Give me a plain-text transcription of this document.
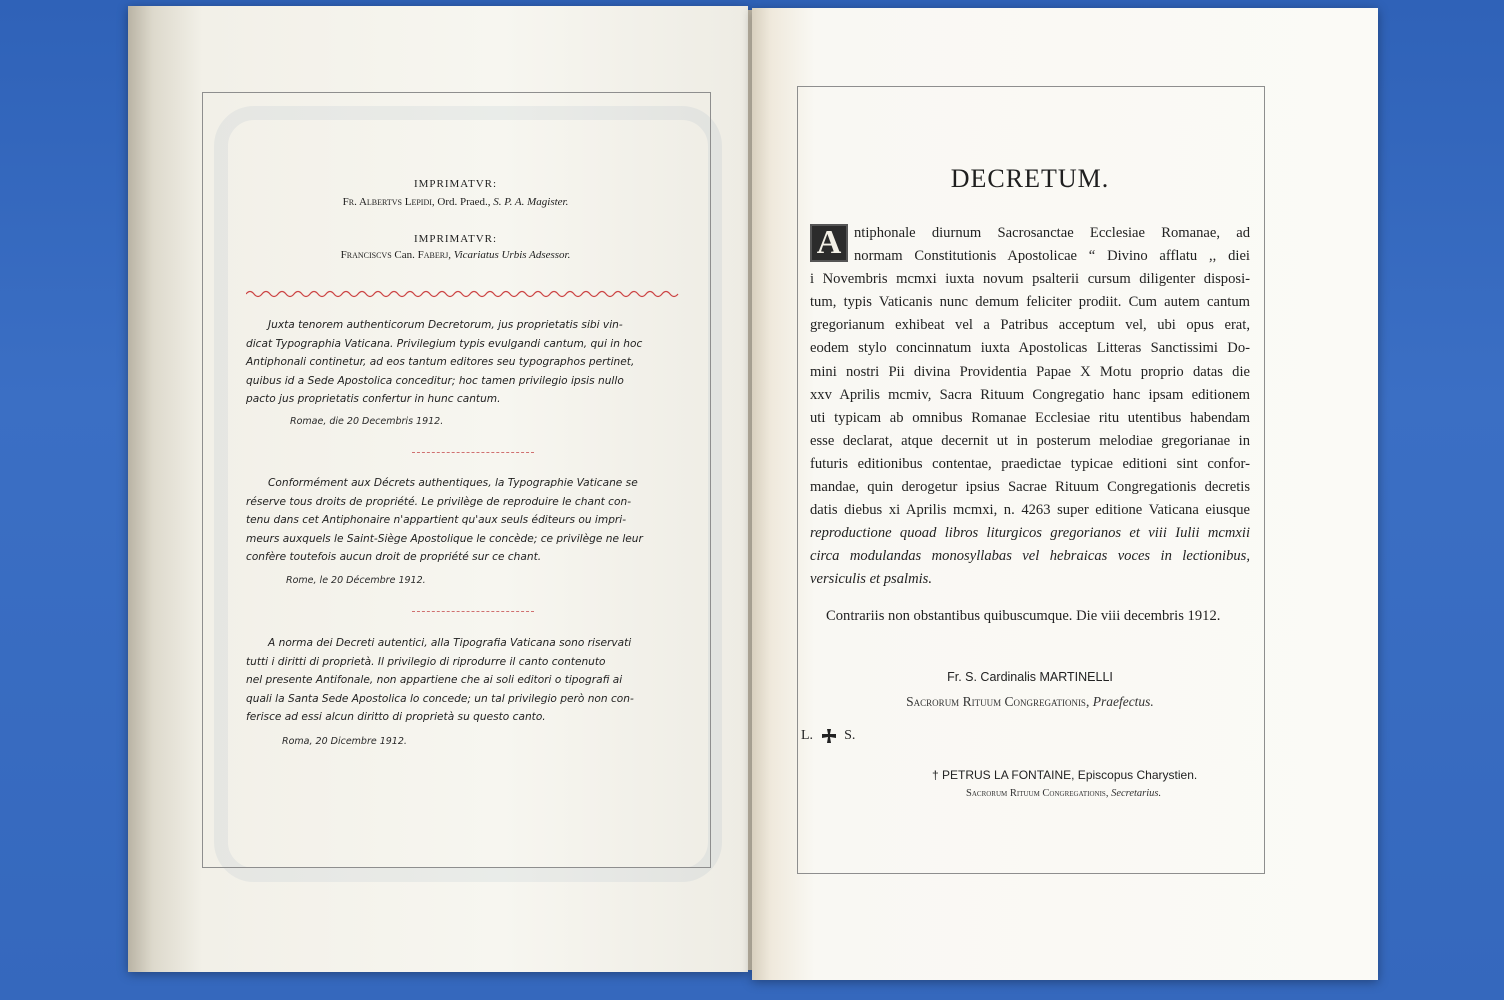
IMPRIMATVR:
Fr. Albertvs Lepidi, Ord. Praed., S. P. A. Magister.
IMPRIMATVR:
Franciscvs Can. Faberj, Vicariatus Urbis Adsessor.
Juxta tenorem authenticorum Decretorum, jus proprietatis sibi vin-
dicat Typographia Vaticana. Privilegium typis evulgandi cantum, qui in hoc
Antiphonali continetur, ad eos tantum editores seu typographos pertinet,
quibus id a Sede Apostolica conceditur; hoc tamen privilegio ipsis nullo
pacto jus proprietatis confertur in hunc cantum.
Romae, die 20 Decembris 1912.
Conformément aux Décrets authentiques, la Typographie Vaticane se
réserve tous droits de propriété. Le privilège de reproduire le chant con-
tenu dans cet Antiphonaire n'appartient qu'aux seuls éditeurs ou impri-
meurs auxquels le Saint-Siège Apostolique le concède; ce privilège ne leur
confère toutefois aucun droit de propriété sur ce chant.
Rome, le 20 Décembre 1912.
A norma dei Decreti autentici, alla Tipografia Vaticana sono riservati
tutti i diritti di proprietà. Il privilegio di riprodurre il canto contenuto
nel presente Antifonale, non appartiene che ai soli editori o tipografi ai
quali la Santa Sede Apostolica lo concede; un tal privilegio però non con-
ferisce ad essi alcun diritto di proprietà su questo canto.
Roma, 20 Dicembre 1912.
DECRETUM.
A ntiphonale diurnum Sacrosanctae Ecclesiae Romanae, ad
normam Constitutionis Apostolicae “ Divino afflatu ,, diei
i Novembris mcmxi iuxta novum psalterii cursum diligenter disposi-
tum, typis Vaticanis nunc demum feliciter prodiit. Cum autem cantum
gregorianum exhibeat vel a Patribus acceptum vel, ubi opus erat,
eodem stylo concinnatum iuxta Apostolicas Litteras Sanctissimi Do-
mini nostri Pii divina Providentia Papae X Motu proprio datas die
xxv Aprilis mcmiv, Sacra Rituum Congregatio hanc ipsam editionem
uti typicam ab omnibus Romanae Ecclesiae ritu utentibus habendam
esse declarat, atque decernit ut in posterum melodiae gregorianae in
futuris editionibus contentae, praedictae typicae editioni sint confor-
mandae, quin derogetur ipsius Sacrae Rituum Congregationis decretis
datis diebus xi Aprilis mcmxi, n. 4263 super editione Vaticana eiusque
reproductione quoad libros liturgicos gregorianos et viii Iulii mcmxii
circa modulandas monosyllabas vel hebraicas voces in lectionibus,
versiculis et psalmis.
Contrariis non obstantibus quibuscumque. Die viii decembris 1912.
Fr. S. Cardinalis MARTINELLI
Sacrorum Rituum Congregationis, Praefectus.
L. S.
† PETRUS LA FONTAINE, Episcopus Charystien.
Sacrorum Rituum Congregationis, Secretarius.
